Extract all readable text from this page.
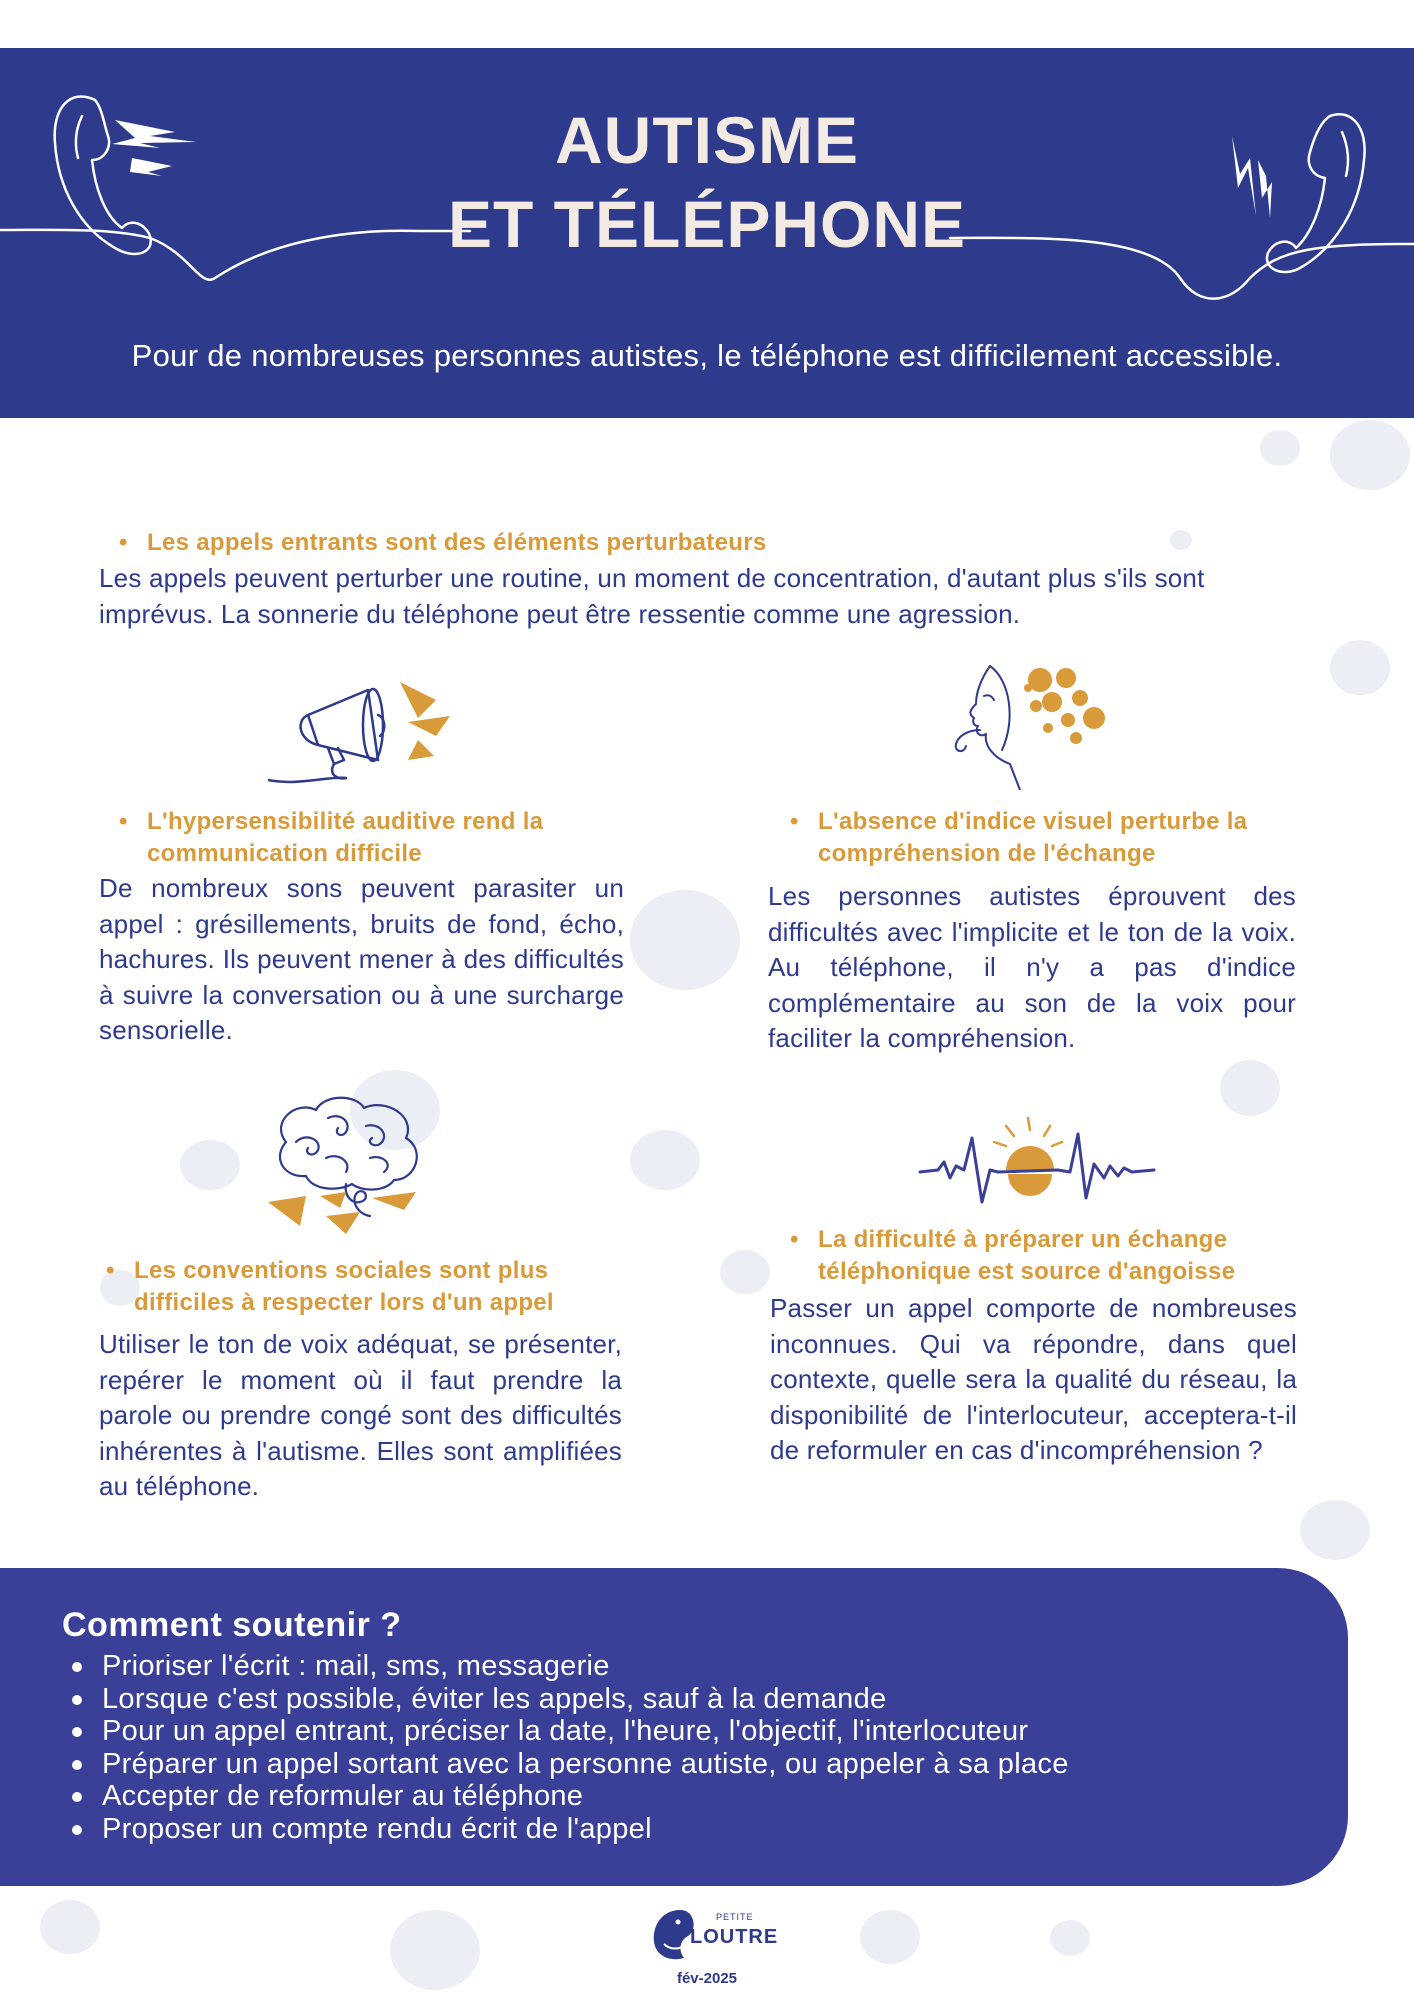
AUTISME
ET TÉLÉPHONE
Pour de nombreuses personnes autistes, le téléphone est difficilement accessible.
• Les appels entrants sont des éléments perturbateurs
Les appels peuvent perturber une routine, un moment de concentration, d'autant plus s'ils sont imprévus. La sonnerie du téléphone peut être ressentie comme une agression.
• L'hypersensibilité auditive rend la communication difficile
De nombreux sons peuvent parasiter un appel : grésillements, bruits de fond, écho, hachures. Ils peuvent mener à des difficultés à suivre la conversation ou à une surcharge sensorielle.
• L'absence d'indice visuel perturbe la compréhension de l'échange
Les personnes autistes éprouvent des difficultés avec l'implicite et le ton de la voix. Au téléphone, il n'y a pas d'indice complémentaire au son de la voix pour faciliter la compréhension.
• Les conventions sociales sont plus difficiles à respecter lors d'un appel
Utiliser le ton de voix adéquat, se présenter, repérer le moment où il faut prendre la parole ou prendre congé sont des difficultés inhérentes à l'autisme. Elles sont amplifiées au téléphone.
• La difficulté à préparer un échange téléphonique est source d'angoisse
Passer un appel comporte de nombreuses inconnues. Qui va répondre, dans quel contexte, quelle sera la qualité du réseau, la disponibilité de l'interlocuteur, acceptera-t-il de reformuler en cas d'incompréhension ?
Comment soutenir ?
Prioriser l'écrit : mail, sms, messagerie
Lorsque c'est possible, éviter les appels, sauf à la demande
Pour un appel entrant, préciser la date, l'heure, l'objectif, l'interlocuteur
Préparer un appel sortant avec la personne autiste, ou appeler à sa place
Accepter de reformuler au téléphone
Proposer un compte rendu écrit de l'appel
PETITE
LOUTRE
fév-2025
